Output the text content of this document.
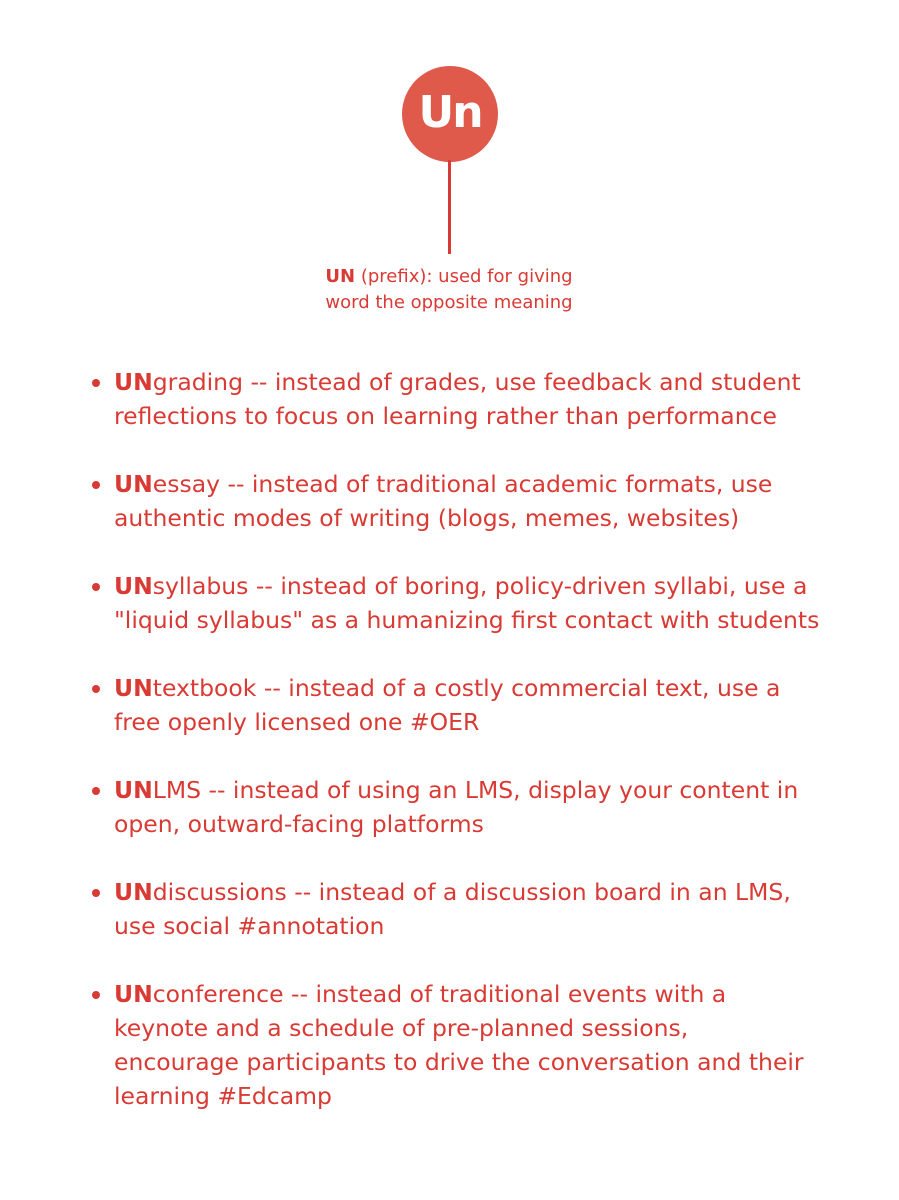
Un
UN (prefix): used for giving
word the opposite meaning
UNgrading -- instead of grades, use feedback and student reflections to focus on learning rather than performance
UNessay -- instead of traditional academic formats, use authentic modes of writing (blogs, memes, websites)
UNsyllabus -- instead of boring, policy-driven syllabi, use a "liquid syllabus" as a humanizing first contact with students
UNtextbook -- instead of a costly commercial text, use a free openly licensed one #OER
UNLMS -- instead of using an LMS, display your content in open, outward-facing platforms
UNdiscussions -- instead of a discussion board in an LMS, use social #annotation
UNconference -- instead of traditional events with a keynote and a schedule of pre-planned sessions, encourage participants to drive the conversation and their learning #Edcamp
